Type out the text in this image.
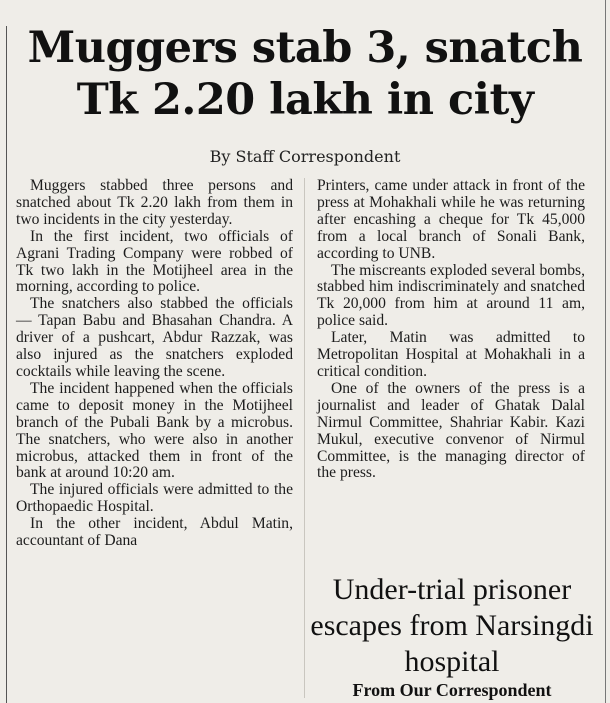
Muggers stab 3, snatch Tk 2.20 lakh in city
By Staff Correspondent

Muggers stabbed three persons and snatched about Tk 2.20 lakh from them in two incidents in the city yesterday.

In the first incident, two officials of Agrani Trading Company were robbed of Tk two lakh in the Motijheel area in the morning, according to police.

The snatchers also stabbed the officials — Tapan Babu and Bhasahan Chandra. A driver of a pushcart, Abdur Razzak, was also injured as the snatchers exploded cocktails while leaving the scene.

The incident happened when the officials came to deposit money in the Motijheel branch of the Pubali Bank by a microbus. The snatchers, who were also in another microbus, attacked them in front of the bank at around 10:20 am.

The injured officials were admitted to the Orthopaedic Hospital.

In the other incident, Abdul Matin, accountant of Dana

Printers, came under attack in front of the press at Mohakhali while he was returning after encashing a cheque for Tk 45,000 from a local branch of Sonali Bank, according to UNB.

The miscreants exploded several bombs, stabbed him indiscriminately and snatched Tk 20,000 from him at around 11 am, police said.

Later, Matin was admitted to Metropolitan Hospital at Mohakhali in a critical condition.

One of the owners of the press is a journalist and leader of Ghatak Dalal Nirmul Committee, Shahriar Kabir. Kazi Mukul, executive convenor of Nirmul Committee, is the managing director of the press.

Under-trial prisoner escapes from Narsingdi hospital
From Our Correspondent
